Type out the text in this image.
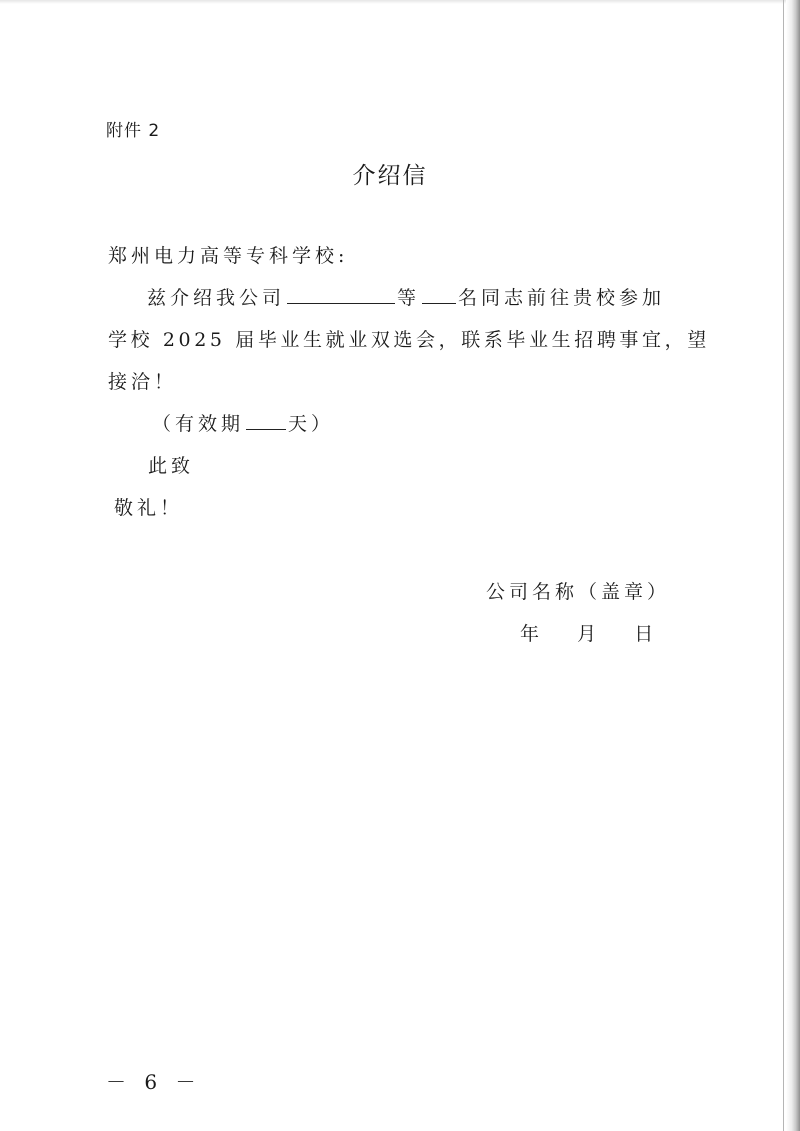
附件 2
介绍信
郑州电力高等专科学校:
兹介绍我公司	等 名同志前往贵校参加
学校 2025 届毕业生就业双选会，联系毕业生招聘事宜，望
接洽！
（有效期 天）
此致
敬礼！
公司名称（盖章）
年   月   日
－ 6 －
